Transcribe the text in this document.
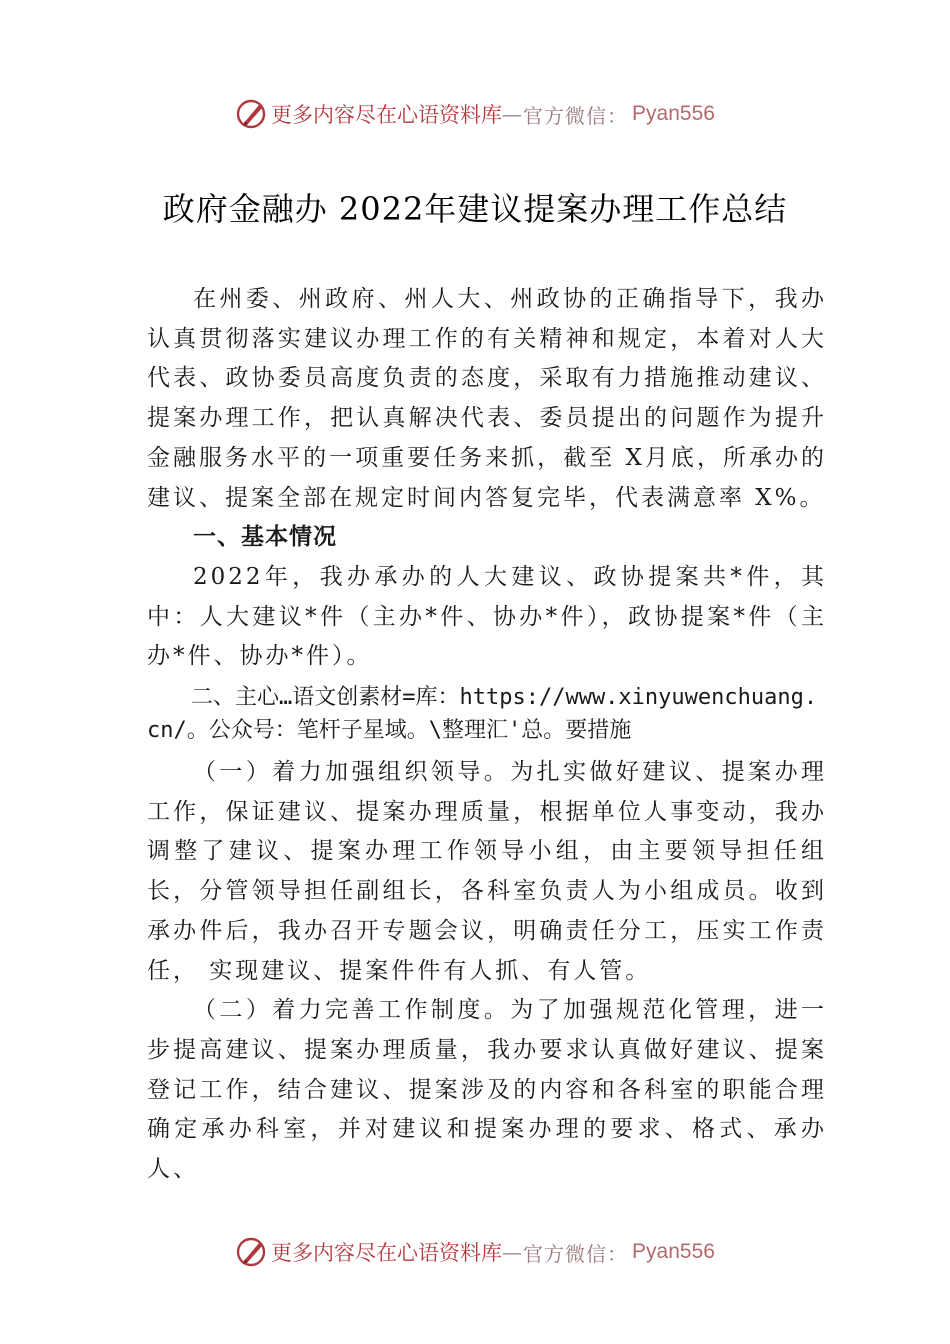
更多内容尽在心语资料库 — 官方微信： Pyan556
政府金融办 2022年建议提案办理工作总结

在州委、州政府、州人大、州政协的正确指导下，我办认真贯彻落实建议办理工作的有关精神和规定，本着对人大代表、政协委员高度负责的态度，采取有力措施推动建议、 提案办理工作，把认真解决代表、委员提出的问题作为提升金融服务水平的一项重要任务来抓，截至 X月底，所承办的建议、提案全部在规定时间内答复完毕，代表满意率 X%。

一、基本情况

2022年，我办承办的人大建议、政协提案共*件，其中：人大建议*件（主办*件、协办*件），政协提案*件（主办*件、协办*件）。

二、主心…语文创素材=库：https://www.xinyuwenchuang.cn/。公众号：笔杆子星域。\整理汇'总。要措施

（一）着力加强组织领导。为扎实做好建议、提案办理工作，保证建议、提案办理质量，根据单位人事变动，我办调整了建议、提案办理工作领导小组，由主要领导担任组长，分管领导担任副组长，各科室负责人为小组成员。收到承办件后，我办召开专题会议，明确责任分工，压实工作责任， 实现建议、提案件件有人抓、有人管。

（二）着力完善工作制度。为了加强规范化管理，进一步提高建议、提案办理质量，我办要求认真做好建议、提案登记工作，结合建议、提案涉及的内容和各科室的职能合理确定承办科室，并对建议和提案办理的要求、格式、承办人、

更多内容尽在心语资料库 — 官方微信： Pyan556
